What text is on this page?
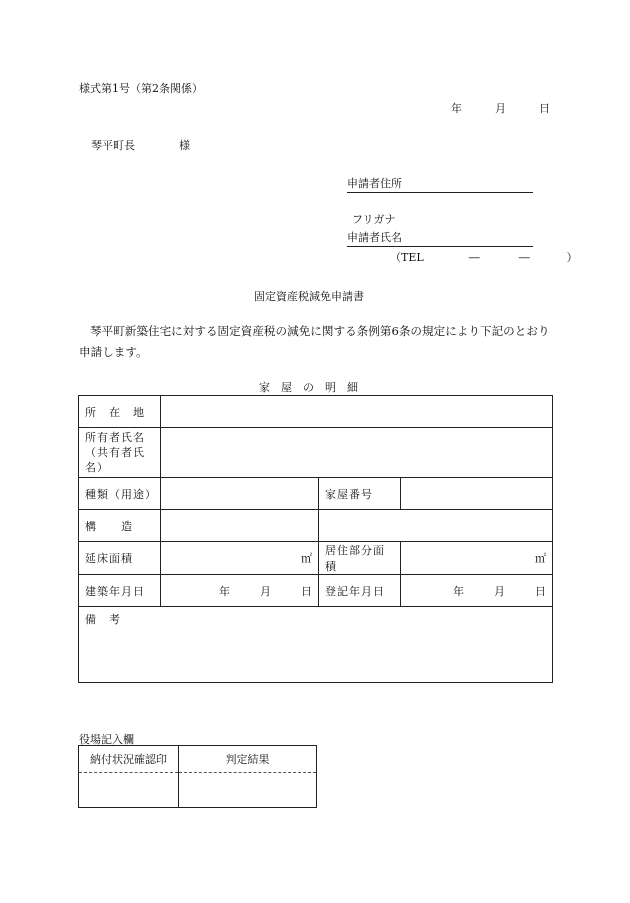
様式第1号（第2条関係）
年	月	日
琴平町長　　　　様
申請者住所
フリガナ
申請者氏名
（TEL	―	―	）
固定資産税減免申請書
琴平町新築住宅に対する固定資産税の減免に関する条例第6条の規定により下記のとおり申請します。
家屋の明細
所　在　地			

所有者氏名
（共有者氏名）			

種類（用途）		家屋番号	
構　　造			
延床面積	㎡	居住部分面積	㎡
建築年月日	年 月 日	登記年月日	年 月 日
備　考			
役場記入欄
納付状況確認印	判定結果
